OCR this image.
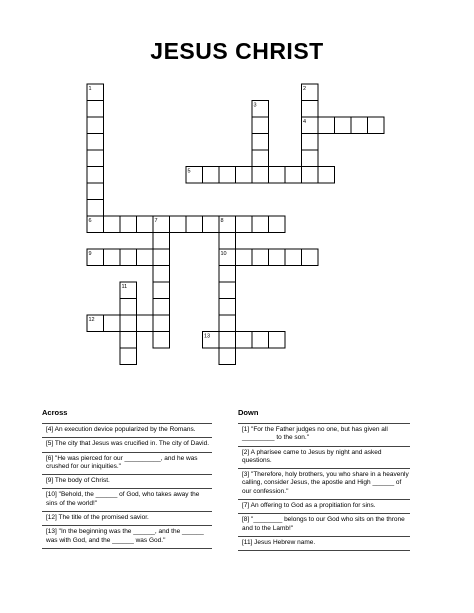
JESUS CHRIST
1	2
3
4
5
6	7	8
9	10
11
12
13
Across
[4] An execution device popularized by the Romans.
[5] The city that Jesus was crucified in. The city of David.
[6] "He was pierced for our __________, and he was crushed for our iniquities."
[9] The body of Christ.
[10] "Behold, the ______ of God, who takes away the sins of the world!"
[12] The title of the promised savior.
[13] "In the beginning was the ______, and the ______ was with God, and the ______ was God."
Down
[1] "For the Father judges no one, but has given all _________ to the son."
[2] A pharisee came to Jesus by night and asked questions.
[3] "Therefore, holy brothers, you who share in a heavenly calling, consider Jesus, the apostle and High ______ of our confession."
[7] An offering to God as a propitiation for sins.
[8] "________ belongs to our God who sits on the throne and to the Lamb!"
[11] Jesus Hebrew name.
